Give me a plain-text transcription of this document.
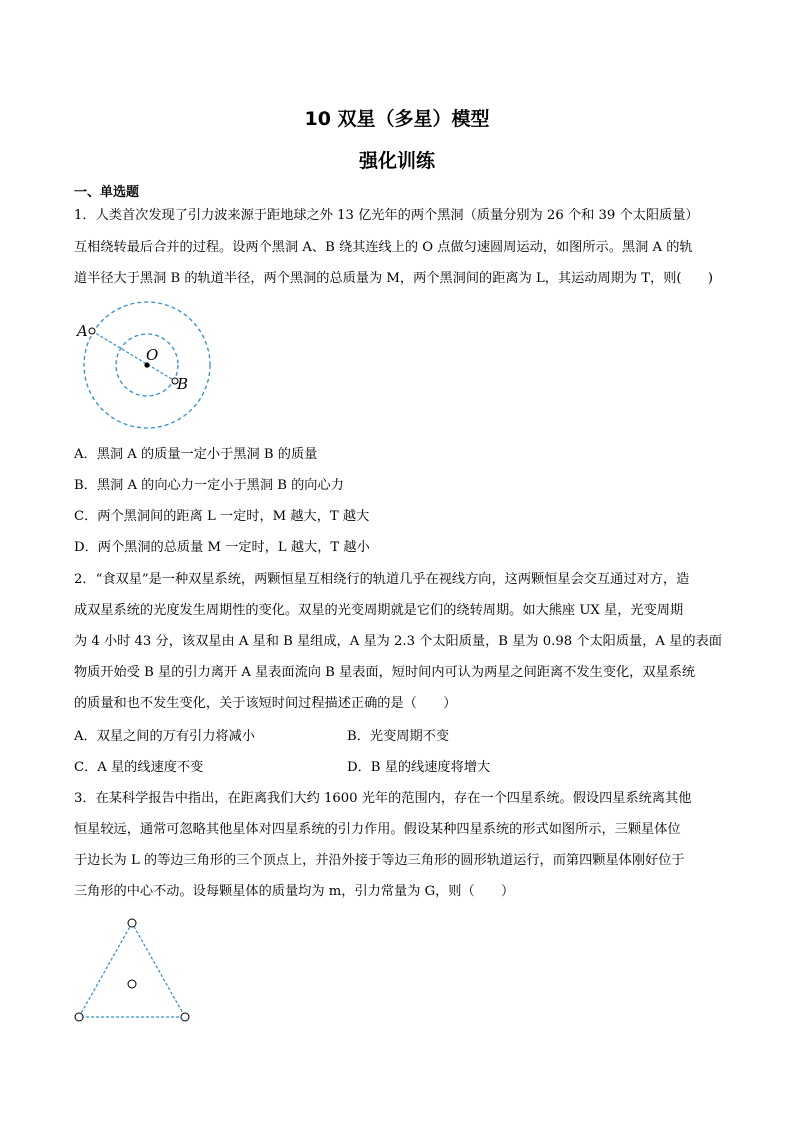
10 双星（多星）模型
强化训练
一、单选题
1．人类首次发现了引力波来源于距地球之外 13 亿光年的两个黑洞（质量分别为 26 个和 39 个太阳质量）
互相绕转最后合并的过程。设两个黑洞 A、B 绕其连线上的 O 点做匀速圆周运动，如图所示。黑洞 A 的轨
道半径大于黑洞 B 的轨道半径，两个黑洞的总质量为 M，两个黑洞间的距离为 L，其运动周期为 T，则(　　)
A
O
B
A．黑洞 A 的质量一定小于黑洞 B 的质量
B．黑洞 A 的向心力一定小于黑洞 B 的向心力
C．两个黑洞间的距离 L 一定时，M 越大，T 越大
D．两个黑洞的总质量 M 一定时，L 越大，T 越小
2．“食双星”是一种双星系统，两颗恒星互相绕行的轨道几乎在视线方向，这两颗恒星会交互通过对方，造
成双星系统的光度发生周期性的变化。双星的光变周期就是它们的绕转周期。如大熊座 UX 星，光变周期
为 4 小时 43 分，该双星由 A 星和 B 星组成，A 星为 2.3 个太阳质量，B 星为 0.98 个太阳质量，A 星的表面
物质开始受 B 星的引力离开 A 星表面流向 B 星表面，短时间内可认为两星之间距离不发生变化，双星系统
的质量和也不发生变化，关于该短时间过程描述正确的是（　　）
A．双星之间的万有引力将减小	B．光变周期不变
C．A 星的线速度不变	D．B 星的线速度将增大
3．在某科学报告中指出，在距离我们大约 1600 光年的范围内，存在一个四星系统。假设四星系统离其他
恒星较远，通常可忽略其他星体对四星系统的引力作用。假设某种四星系统的形式如图所示，三颗星体位
于边长为 L 的等边三角形的三个顶点上，并沿外接于等边三角形的圆形轨道运行，而第四颗星体刚好位于
三角形的中心不动。设每颗星体的质量均为 m，引力常量为 G，则（　　）
